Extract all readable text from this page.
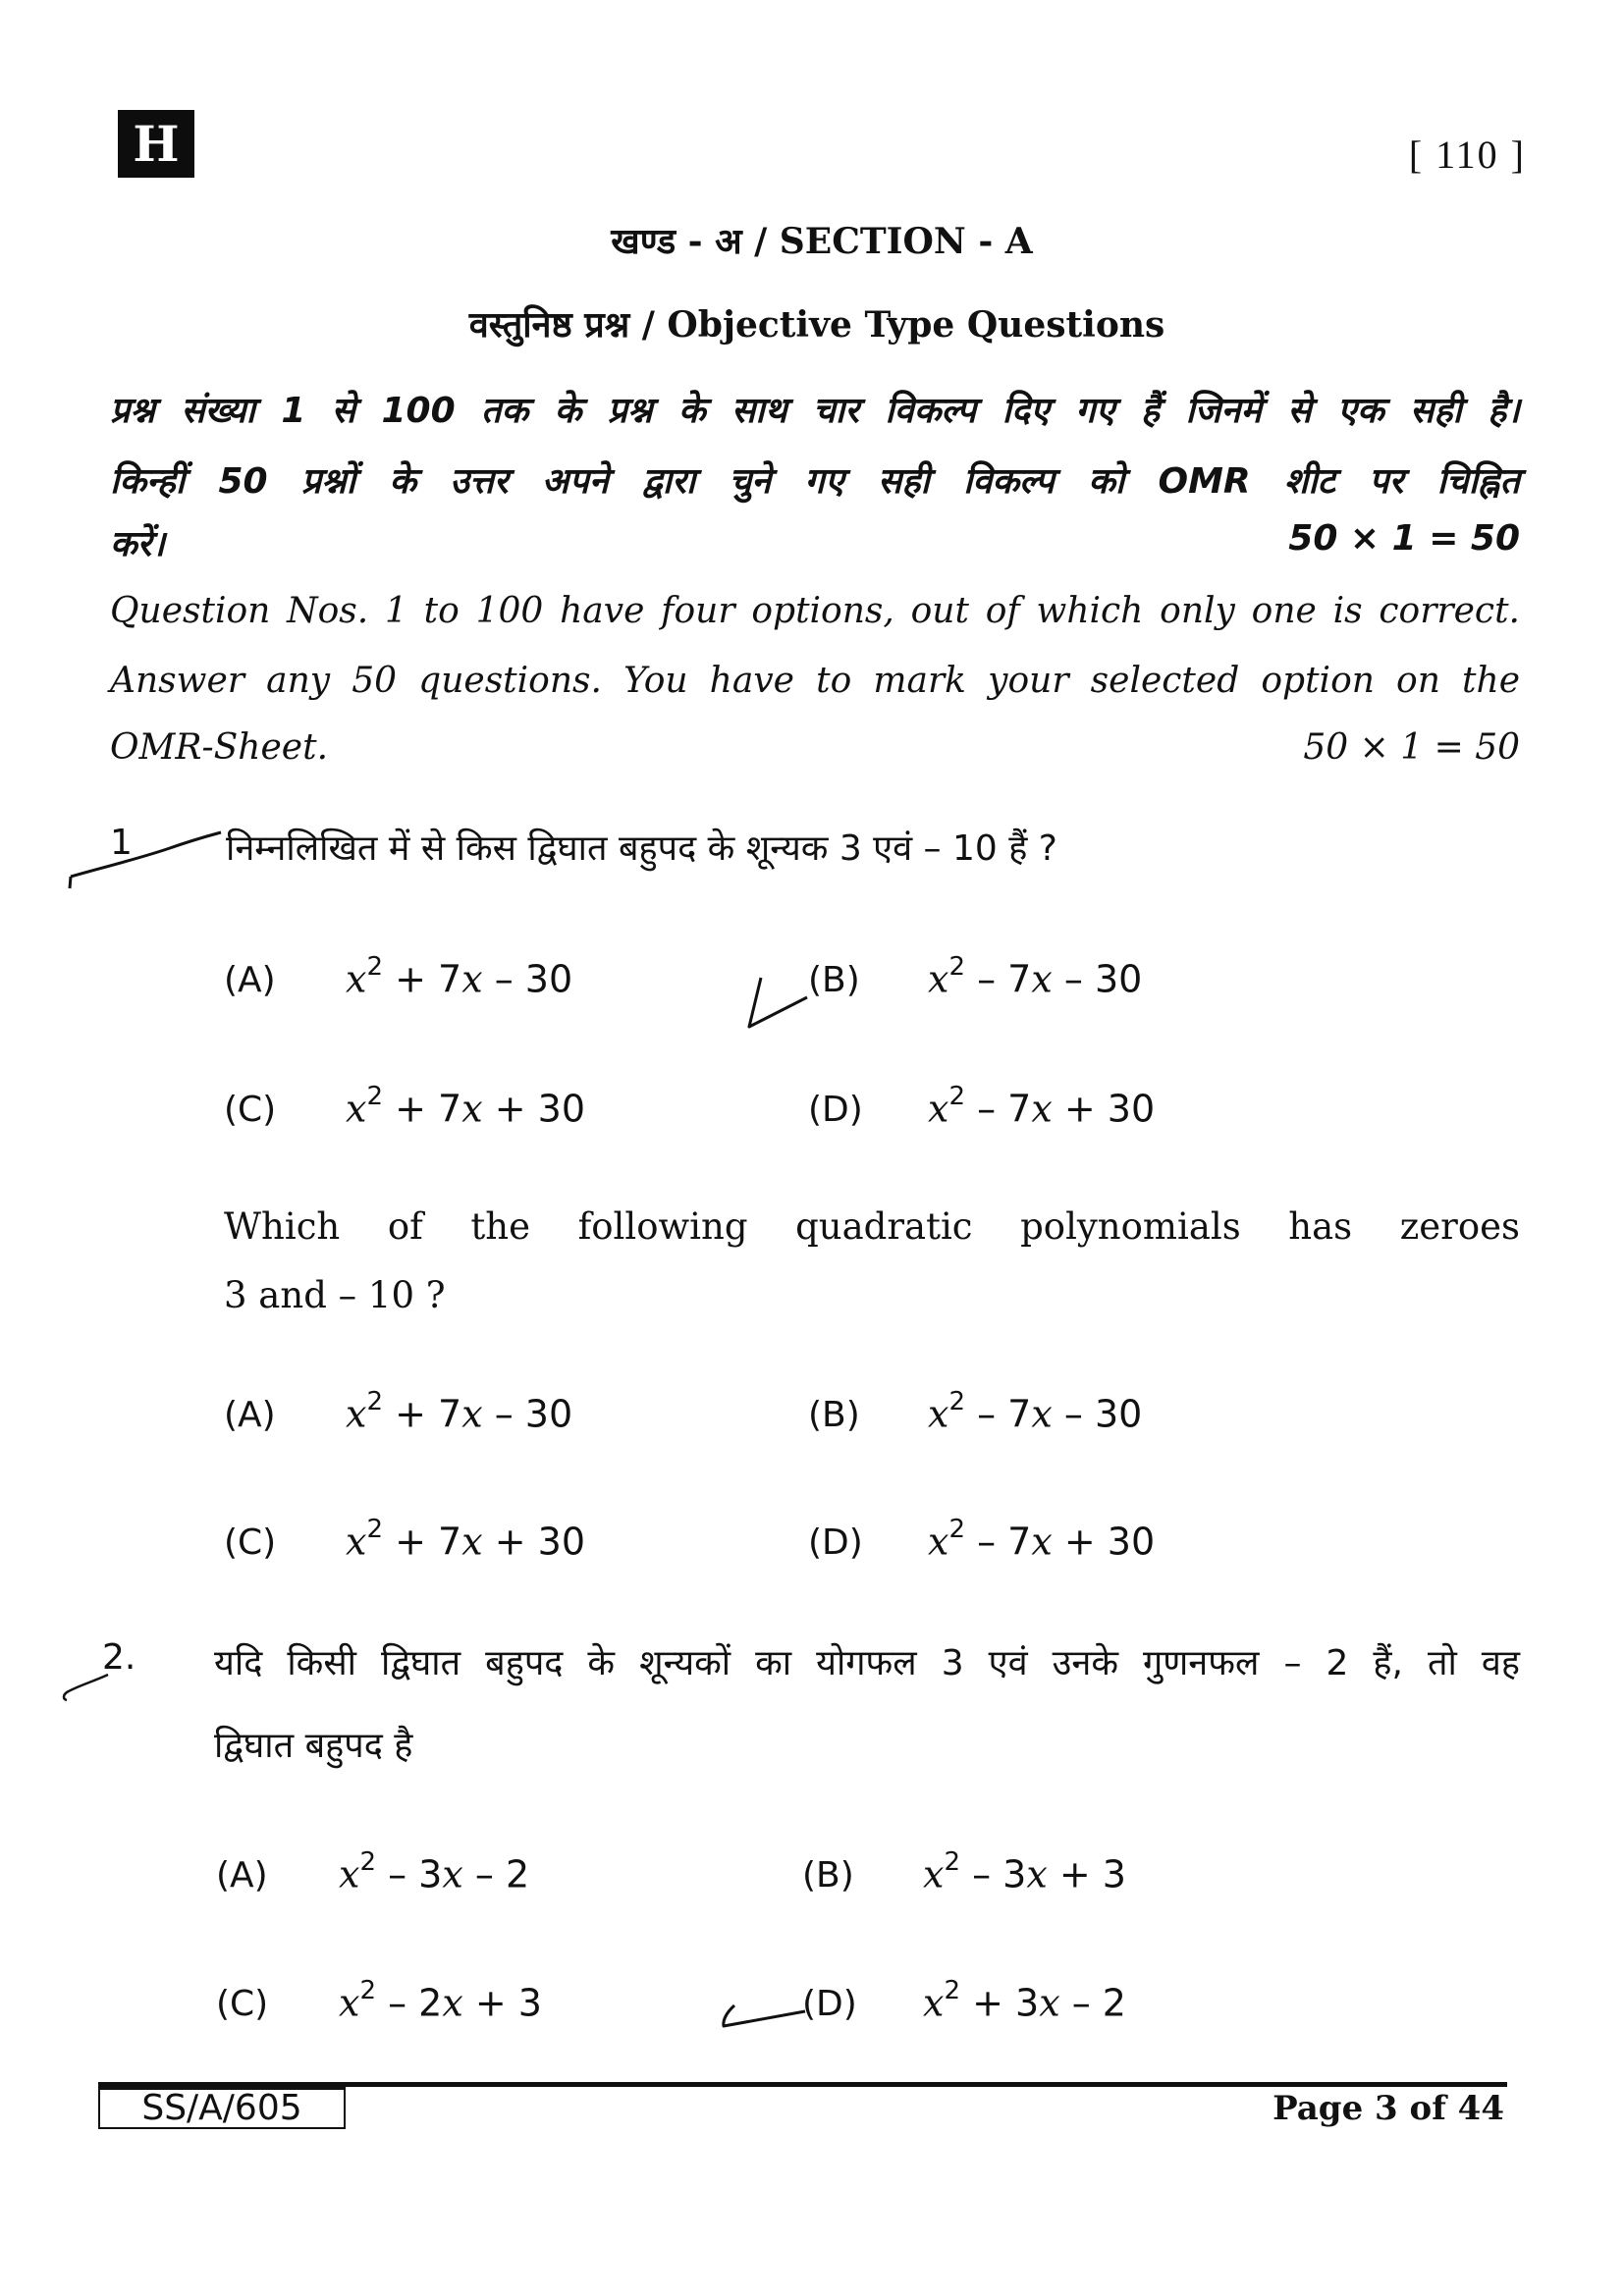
H	[ 110 ]
खण्ड - अ / SECTION - A
वस्तुनिष्ठ प्रश्न / Objective Type Questions
प्रश्न संख्या 1 से 100 तक के प्रश्न के साथ चार विकल्प दिए गए हैं जिनमें से एक सही है।
किन्हीं 50 प्रश्नों के उत्तर अपने द्वारा चुने गए सही विकल्प को OMR शीट पर चिह्नित
करें।	50 × 1 = 50
Question Nos. 1 to 100 have four options, out of which only one is correct.
Answer any 50 questions. You have to mark your selected option on the
OMR-Sheet.	50 × 1 = 50
1	निम्नलिखित में से किस द्विघात बहुपद के शून्यक 3 एवं – 10 हैं ?
(A) $x^2 + 7x - 30$	(B) $x^2 - 7x - 30$
(C) $x^2 + 7x + 30$	(D) $x^2 - 7x + 30$
Which of the following quadratic polynomials has zeroes
3 and – 10 ?
(A) $x^2 + 7x - 30$	(B) $x^2 - 7x - 30$
(C) $x^2 + 7x + 30$	(D) $x^2 - 7x + 30$
2. यदि किसी द्विघात बहुपद के शून्यकों का योगफल 3 एवं उनके गुणनफल – 2 हैं, तो वह
द्विघात बहुपद है
(A) $x^2 - 3x - 2$	(B) $x^2 - 3x + 3$
(C) $x^2 - 2x + 3$	(D) $x^2 + 3x - 2$
SS/A/605	Page 3 of 44
